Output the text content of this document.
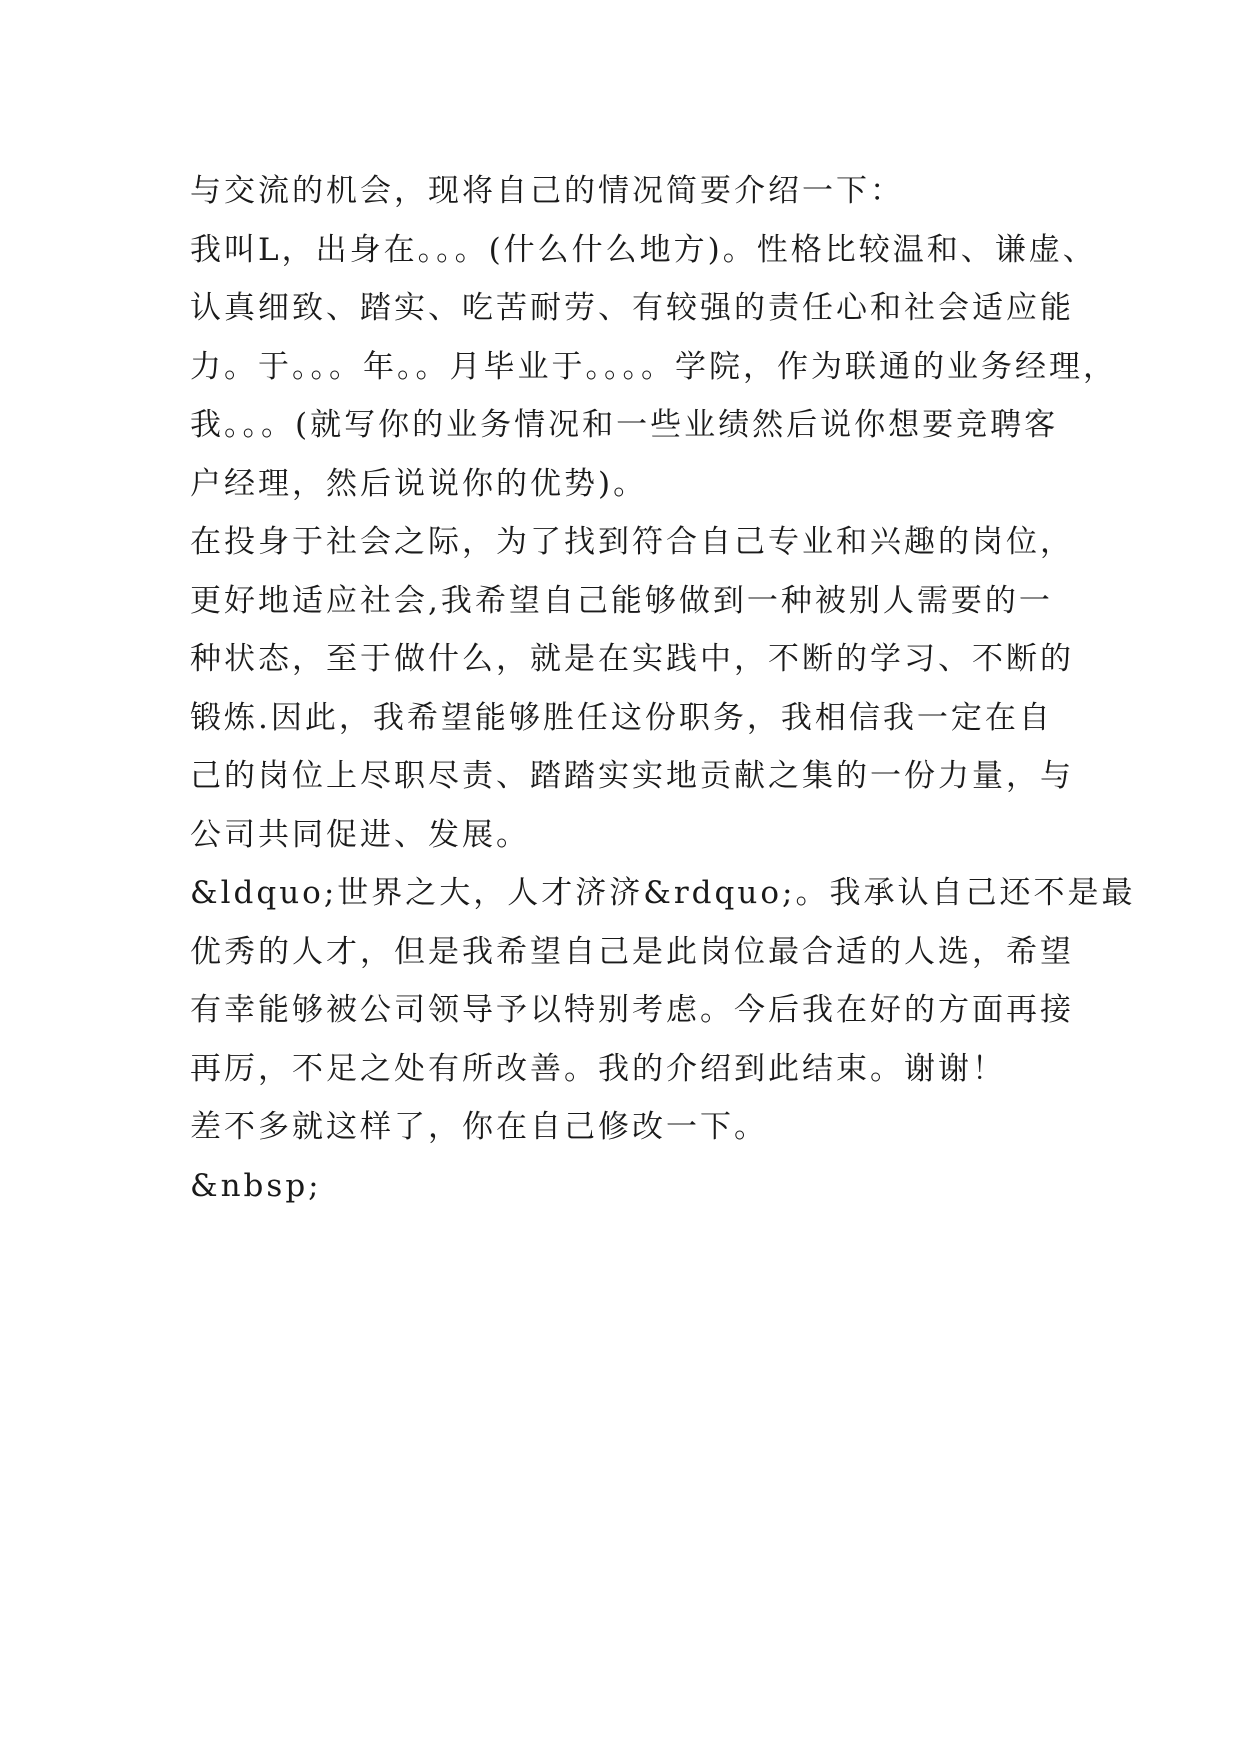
与交流的机会，现将自己的情况简要介绍一下：
我叫L，出身在。。。(什么什么地方)。性格比较温和、谦虚、
认真细致、踏实、吃苦耐劳、有较强的责任心和社会适应能
力。于。。。年。。月毕业于。。。。学院，作为联通的业务经理，
我。。。(就写你的业务情况和一些业绩然后说你想要竞聘客
户经理，然后说说你的优势)。
在投身于社会之际，为了找到符合自己专业和兴趣的岗位，
更好地适应社会,我希望自己能够做到一种被别人需要的一
种状态，至于做什么，就是在实践中，不断的学习、不断的
锻炼.因此，我希望能够胜任这份职务，我相信我一定在自
己的岗位上尽职尽责、踏踏实实地贡献之集的一份力量，与
公司共同促进、发展。
&ldquo;世界之大，人才济济&rdquo;。我承认自己还不是最
优秀的人才，但是我希望自己是此岗位最合适的人选，希望
有幸能够被公司领导予以特别考虑。今后我在好的方面再接
再厉，不足之处有所改善。我的介绍到此结束。谢谢！
差不多就这样了，你在自己修改一下。
&nbsp;
